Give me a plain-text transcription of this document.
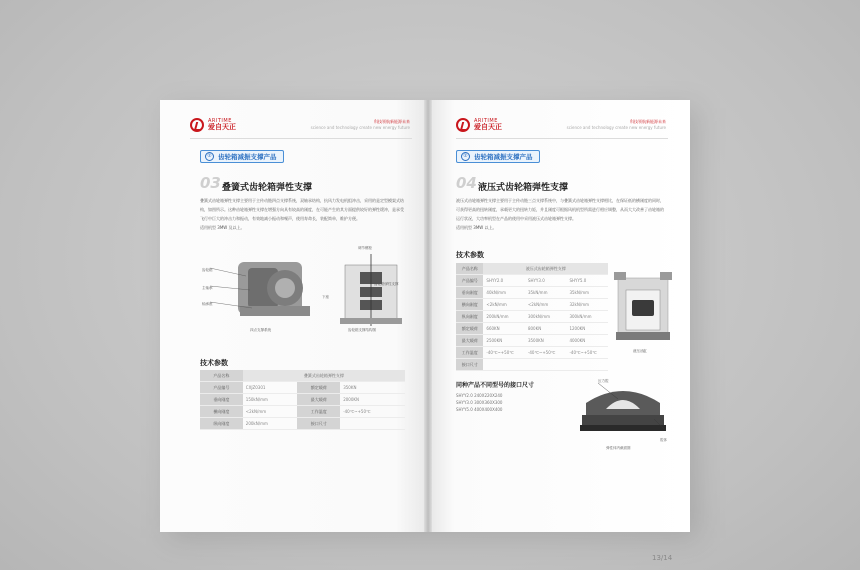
ARITIME
爱自天正
科技领航新能源未来
science and technology create new energy future
② 齿轮箱减振支撑产品
03 叠簧式齿轮箱弹性支撑
叠簧式齿轮箱弹性支撑主要用于主传动链四点支撑系统，双轴承结构，抗风力发电机组冲击，采用的是定型模架式结构，如图所示。这种齿轮箱弹性支撑在增强方向具有较高的刚度，在可能产生的其方面提供较好的弹性缓冲，是承受飞行中巨大的冲击力和振动，有效地减小振动和噪声，使用寿命长，装配简单，维护方便。
适用机型 3MW 及以上。
齿轮箱
主轴承
轴承座
四点支撑系统
调节螺栓
齿轮箱弹性支撑
下座
齿轮箱支撑结构图
技术参数
产品名称	叠簧式齿轮箱弹性支撑		
产品编号	CXJZ0301	额定载荷	350KN
垂向刚度	150kN/mm	最大载荷	2000KN
横向刚度	<2kN/mm	工作温度	-40℃~+50℃
纵向刚度	200kN/mm	接口尺寸	
ARITIME
爱自天正
科技领航新能源未来
science and technology create new energy future
② 齿轮箱减振支撑产品
04 液压式齿轮箱弹性支撑
液压式齿轮箱弹性支撑主要用于主传动链三点支撑系统中，与叠簧式齿轮箱弹性支撑相比，在保证低的横刚度的同时，可获得更高的扭转刚度，承载更大的扭转力矩，并且刚度可根据风机机型所需进行相应调整，从而大大改善了齿轮箱的运行状况，大功率机型在产品的使用中采用液压式齿轮箱弹性支撑。
适用机型 3MW 以上。
技术参数
产品名称	液压式齿轮箱弹性支撑		
产品编号	SHYY2.0	SHYY3.0	SHYY5.0
垂向刚度	40kN/mm	35kN/mm	35kN/mm
横向刚度	<2kN/mm	<2kN/mm	32kN/mm
纵向刚度	200kN/mm	300kN/mm	300kN/mm
额定载荷	660KN	800KN	1200KN
最大载荷	2500KN	3500KN	4000KN
工作温度	-40℃~+50℃	-40℃~+50℃	-40℃~+50℃
接口尺寸			
液压油缸
同种产品不同型号的接口尺寸
SHYY2.0 240X220X240
SHYY3.0 300X360X300
SHYY5.0 400X400X400
压力腔
腔体
弹性体内截面图
13/14
